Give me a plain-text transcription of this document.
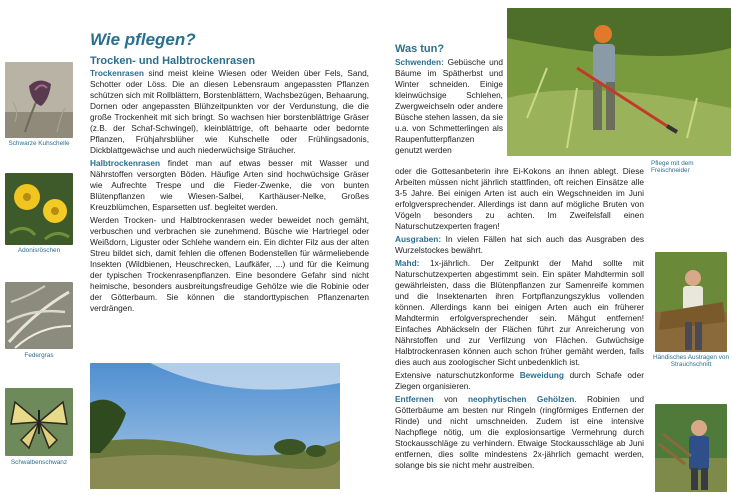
Wie pflegen?
Schwarze Kuhschelle
Adonisröschen
Federgras
Schwalbenschwanz
Trocken- und Halbtrockenrasen

Trockenrasen sind meist kleine Wiesen oder Weiden über Fels, Sand, Schotter oder Löss. Die an diesen Lebensraum angepassten Pflanzen schützen sich mit Rollblättern, Borstenblättern, Wachsbezügen, Behaarung, Dornen oder angepassten Blühzeitpunkten vor der Verdunstung, die die große Trockenheit mit sich bringt. So wachsen hier borstenblättrige Gräser (z.B. der Schaf-Schwingel), kleinblättrige, oft behaarte oder bedornte Pflanzen, Frühjahrsblüher wie Kuhschelle oder Frühlingsadonis, Dickblattgewächse und auch niederwüchsige Sträucher.

Halbtrockenrasen findet man auf etwas besser mit Wasser und Nährstoffen versorgten Böden. Häufige Arten sind hochwüchsige Gräser wie Aufrechte Trespe und die Fieder-Zwenke, die von bunten Blütenpflanzen wie Wiesen-Salbei, Karthäuser-Nelke, Großes Kreuzblümchen, Esparsetten usf. begleitet werden.

Werden Trocken- und Halbtrockenrasen weder beweidet noch gemäht, verbuschen und verbrachen sie zunehmend. Büsche wie Hartriegel oder Weißdorn, Liguster oder Schlehe wandern ein. Ein dichter Filz aus der alten Streu bildet sich, damit fehlen die offenen Bodenstellen für wärmeliebende Insekten (Wildbienen, Heuschrecken, Laufkäfer, ...) und für die Keimung der typischen Trockenrasenpflanzen. Eine besondere Gefahr sind nicht heimische, besonders ausbreitungsfreudige Gehölze wie die Robinie oder der Götterbaum. Sie können die standorttypischen Pflanzenarten verdrängen.

Was tun?
Schwenden: Gebüsche und Bäume im Spätherbst und Winter schneiden. Einige kleinwüchsige Schlehen, Zwergweichseln oder andere Büsche stehen lassen, da sie u.a. von Schmetterlingen als Raupenfutterpflanzen genutzt werden

oder die Gottesanbeterin ihre Ei-Kokons an ihnen ablegt. Diese Arbeiten müssen nicht jährlich stattfinden, oft reichen Einsätze alle 3-5 Jahre. Bei einigen Arten ist auch ein Wegschneiden im Juni erfolgversprechender. Allerdings ist dann auf mögliche Bruten von Vögeln besonders zu achten. Im Zweifelsfall einen Naturschutzexperten fragen!

Ausgraben: In vielen Fällen hat sich auch das Ausgraben des Wurzelstockes bewährt.

Mahd: 1x-jährlich. Der Zeitpunkt der Mahd sollte mit Naturschutzexperten abgestimmt sein. Ein später Mahdtermin soll gewährleisten, dass die Blütenpflanzen zur Samenreife kommen und die Insektenarten ihren Fortpflanzungszyklus vollenden können. Allerdings kann bei einigen Arten auch ein früherer Mahdtermin erfolgversprechender sein. Mähgut entfernen! Einfaches Abhäckseln der Flächen führt zur Anreicherung von Nährstoffen und zur Verfilzung von Flächen. Gutwüchsige Halbtrockenrasen können auch schon früher gemäht werden, falls dies auch aus zoologischer Sicht unbedenklich ist.

Extensive naturschutzkonforme Beweidung durch Schafe oder Ziegen organisieren.

Entfernen von neophytischen Gehölzen. Robinien und Götterbäume am besten nur Ringeln (ringförmiges Entfernen der Rinde) und nicht umschneiden. Zudem ist eine intensive Nachpflege nötig, um die explosionsartige Vermehrung durch Stockausschläge zu verhindern. Etwaige Stockausschläge ab Juni entfernen, dies sollte mindestens 2x-jährlich gemacht werden, solange bis sie nicht mehr austreiben.

Pflege mit dem Freischneider
Händisches Austragen von Strauchschnitt
